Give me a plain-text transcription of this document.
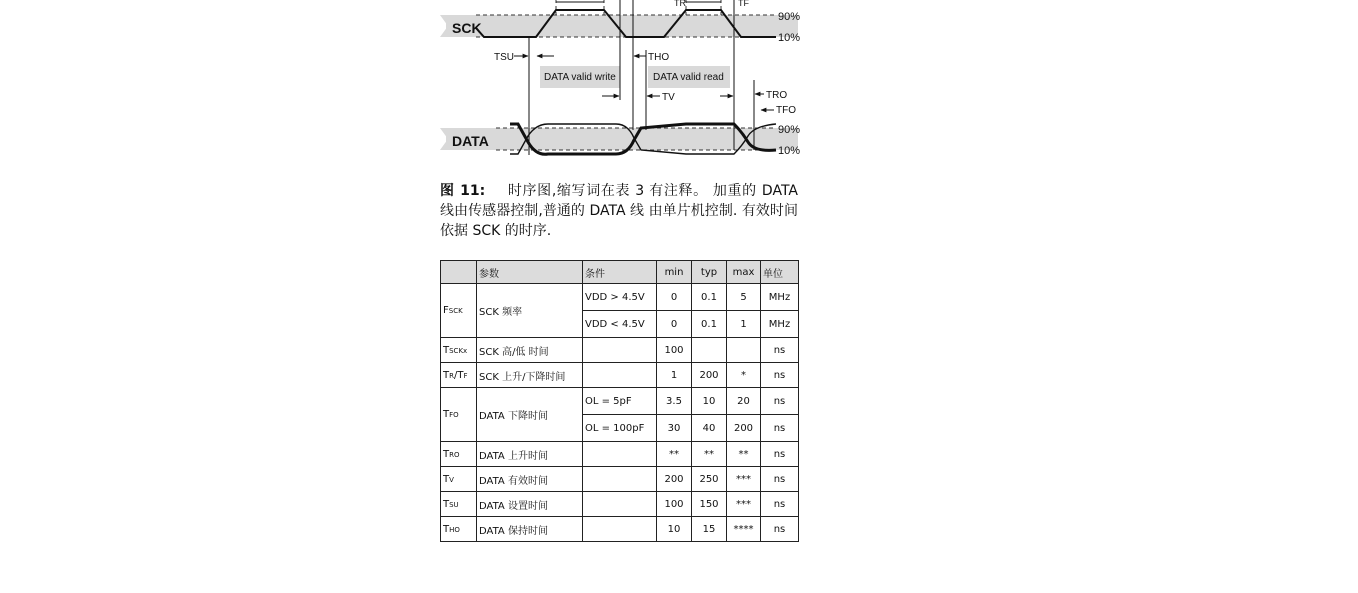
SCK
DATA
90%
10%
90%
10%
TR	TF
TSU	THO
TV	TRO
TFO
DATA valid write	DATA valid read
图 11: 时序图,缩写词在表 3 有注释。 加重的 DATA 线由传感器控制,普通的 DATA 线 由单片机控制. 有效时间依据 SCK 的时序.
	参数	条件	min	typ	max	单位
FSCK	SCK 频率	VDD > 4.5V	0	0.1	5	MHz
		VDD < 4.5V	0	0.1	1	MHz
TSCKx	SCK 高/低 时间		100			ns
TR/TF	SCK 上升/下降时间		1	200	*	ns
TFO	DATA 下降时间	OL = 5pF	3.5	10	20	ns
		OL = 100pF	30	40	200	ns
TRO	DATA 上升时间		**	**	**	ns
TV	DATA 有效时间		200	250	***	ns
TSU	DATA 设置时间		100	150	***	ns
THO	DATA 保持时间		10	15	****	ns
